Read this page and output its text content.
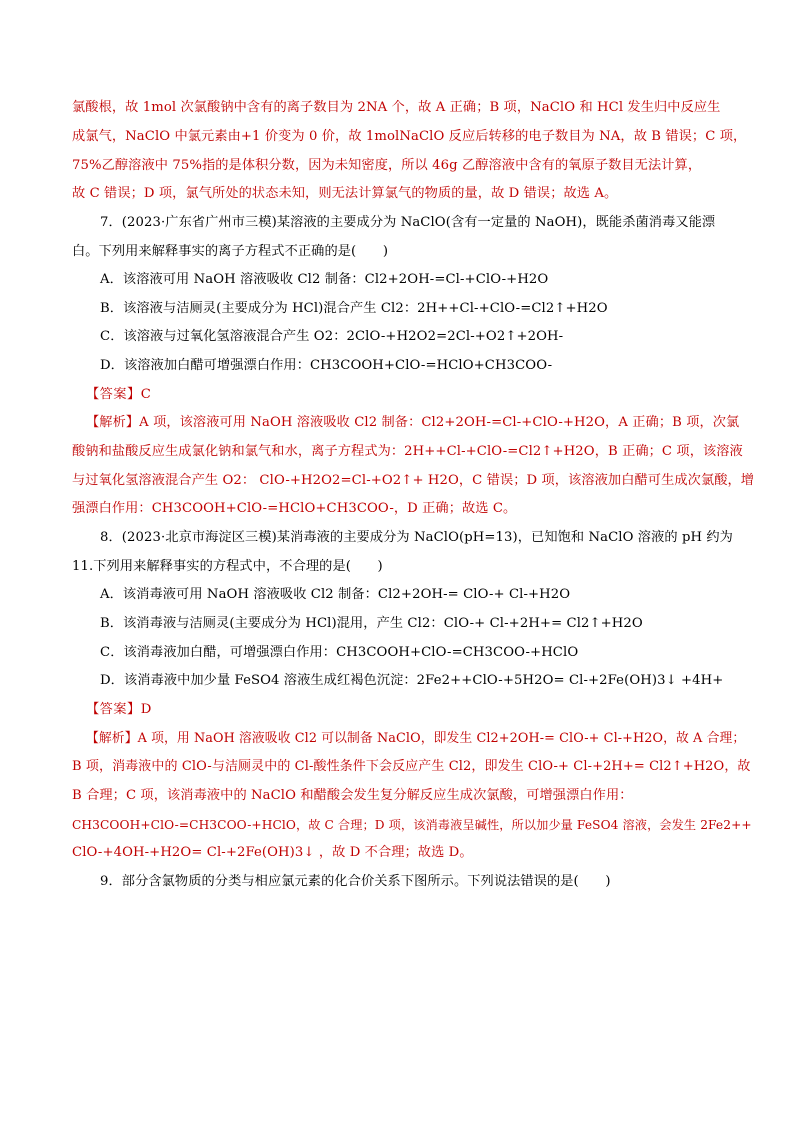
氯酸根，故 1mol 次氯酸钠中含有的离子数目为 2NA 个，故 A 正确；B 项，NaClO 和 HCl 发生归中反应生
成氯气，NaClO 中氯元素由+1 价变为 0 价，故 1molNaClO 反应后转移的电子数目为 NA，故 B 错误；C 项，
75%乙醇溶液中 75%指的是体积分数，因为未知密度，所以 46g 乙醇溶液中含有的氧原子数目无法计算，
故 C 错误；D 项，氯气所处的状态未知，则无法计算氯气的物质的量，故 D 错误；故选 A。
7．(2023·广东省广州市三模)某溶液的主要成分为 NaClO(含有一定量的 NaOH)，既能杀菌消毒又能漂
白。下列用来解释事实的离子方程式不正确的是(　　)
A．该溶液可用 NaOH 溶液吸收 Cl2 制备：Cl2+2OH-=Cl-+ClO-+H2O
B．该溶液与洁厕灵(主要成分为 HCl)混合产生 Cl2：2H++Cl-+ClO-=Cl2↑+H2O
C．该溶液与过氧化氢溶液混合产生 O2：2ClO-+H2O2=2Cl-+O2↑+2OH-
D．该溶液加白醋可增强漂白作用：CH3COOH+ClO-=HClO+CH3COO-
【答案】C
【解析】A 项，该溶液可用 NaOH 溶液吸收 Cl2 制备：Cl2+2OH-=Cl-+ClO-+H2O，A 正确；B 项，次氯
酸钠和盐酸反应生成氯化钠和氯气和水，离子方程式为：2H++Cl-+ClO-=Cl2↑+H2O，B 正确；C 项，该溶液
与过氧化氢溶液混合产生 O2： ClO-+H2O2=Cl-+O2↑+ H2O，C 错误；D 项，该溶液加白醋可生成次氯酸，增
强漂白作用：CH3COOH+ClO-=HClO+CH3COO-，D 正确；故选 C。
8．(2023·北京市海淀区三模)某消毒液的主要成分为 NaClO(pH=13)，已知饱和 NaClO 溶液的 pH 约为
11.下列用来解释事实的方程式中，不合理的是(　　)
A．该消毒液可用 NaOH 溶液吸收 Cl2 制备：Cl2+2OH-= ClO-+ Cl-+H2O
B．该消毒液与洁厕灵(主要成分为 HCl)混用，产生 Cl2：ClO-+ Cl-+2H+= Cl2↑+H2O
C．该消毒液加白醋，可增强漂白作用：CH3COOH+ClO-=CH3COO-+HClO
D．该消毒液中加少量 FeSO4 溶液生成红褐色沉淀：2Fe2++ClO-+5H2O= Cl-+2Fe(OH)3↓ +4H+
【答案】D
【解析】A 项，用 NaOH 溶液吸收 Cl2 可以制备 NaClO，即发生 Cl2+2OH-= ClO-+ Cl-+H2O，故 A 合理；
B 项，消毒液中的 ClO-与洁厕灵中的 Cl-酸性条件下会反应产生 Cl2，即发生 ClO-+ Cl-+2H+= Cl2↑+H2O，故
B 合理；C 项，该消毒液中的 NaClO 和醋酸会发生复分解反应生成次氯酸，可增强漂白作用：
CH3COOH+ClO-=CH3COO-+HClO，故 C 合理；D 项，该消毒液呈碱性，所以加少量 FeSO4 溶液，会发生 2Fe2++
ClO-+4OH-+H2O= Cl-+2Fe(OH)3↓ ，故 D 不合理；故选 D。
9．部分含氯物质的分类与相应氯元素的化合价关系下图所示。下列说法错误的是(　　)
